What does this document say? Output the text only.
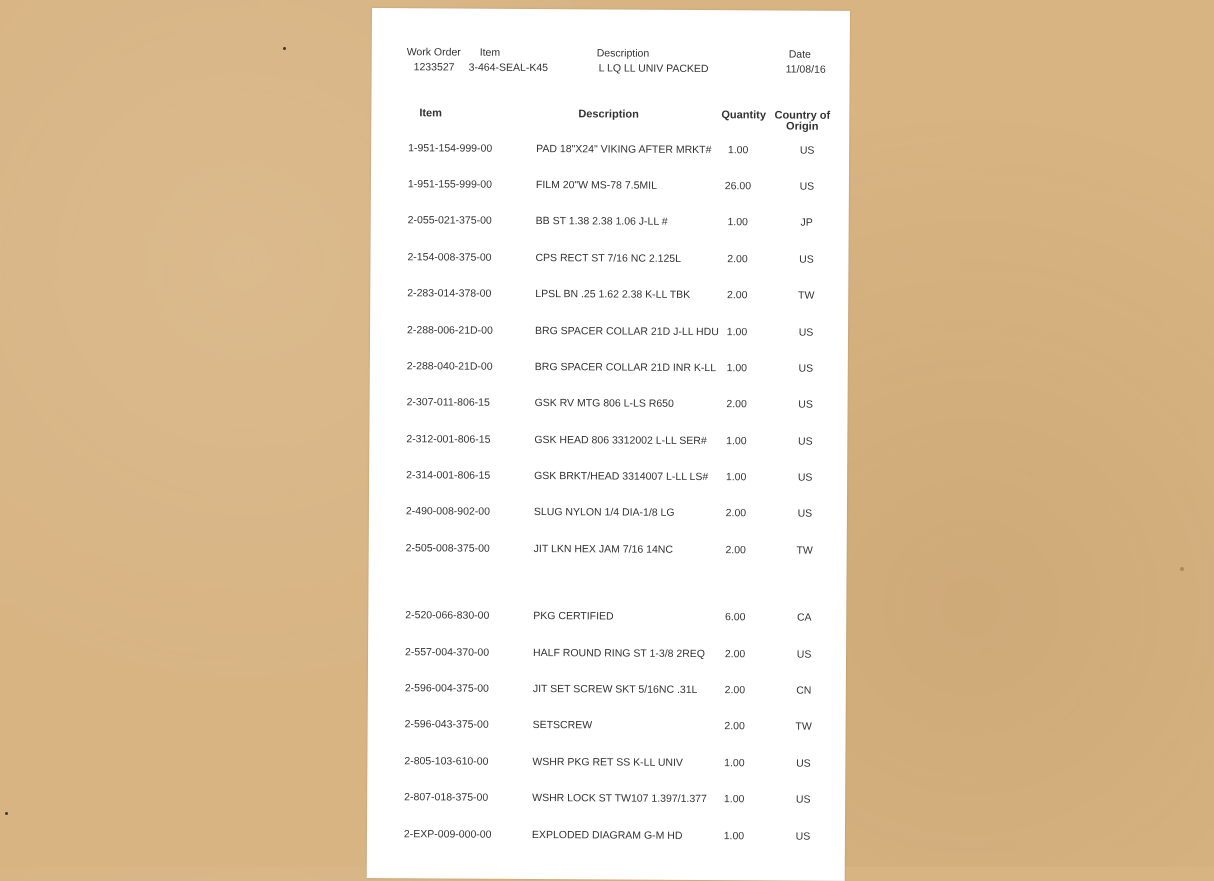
Work Order Item	Description	Date
1233527 3-464-SEAL-K45	L LQ LL UNIV PACKED	11/08/16
Item	Description	Quantity Country of
Origin
1-951-154-999-00	PAD 18"X24" VIKING AFTER MRKT#	1.00	US
1-951-155-999-00	FILM 20"W MS-78 7.5MIL	26.00	US
2-055-021-375-00	BB ST 1.38 2.38 1.06 J-LL #	1.00	JP
2-154-008-375-00	CPS RECT ST 7/16 NC 2.125L	2.00	US
2-283-014-378-00	LPSL BN .25 1.62 2.38 K-LL TBK	2.00	TW
2-288-006-21D-00	BRG SPACER COLLAR 21D J-LL HDU 1.00	US
2-288-040-21D-00	BRG SPACER COLLAR 21D INR K-LL 1.00	US
2-307-011-806-15	GSK RV MTG 806 L-LS R650	2.00	US
2-312-001-806-15	GSK HEAD 806 3312002 L-LL SER#	1.00	US
2-314-001-806-15	GSK BRKT/HEAD 3314007 L-LL LS#	1.00	US
2-490-008-902-00	SLUG NYLON 1/4 DIA-1/8 LG	2.00	US
2-505-008-375-00	JIT LKN HEX JAM 7/16 14NC	2.00	TW
2-520-066-830-00	PKG CERTIFIED	6.00	CA
2-557-004-370-00	HALF ROUND RING ST 1-3/8 2REQ	2.00	US
2-596-004-375-00	JIT SET SCREW SKT 5/16NC .31L	2.00	CN
2-596-043-375-00	SETSCREW	2.00	TW
2-805-103-610-00	WSHR PKG RET SS K-LL UNIV	1.00	US
2-807-018-375-00	WSHR LOCK ST TW107 1.397/1.377	1.00	US
2-EXP-009-000-00	EXPLODED DIAGRAM G-M HD	1.00	US
